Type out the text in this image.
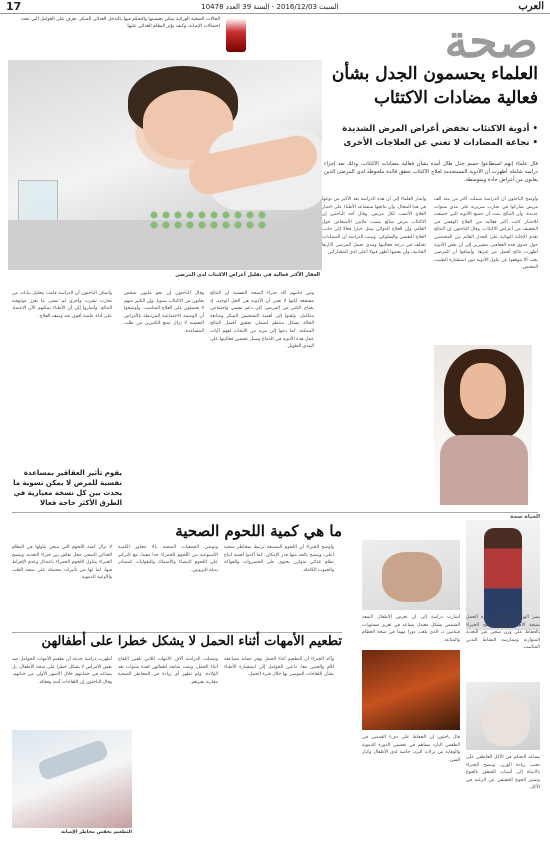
17	السبت 2016/12/03 - السنة 39 العدد 10478	العرب
الحالات الصحية الوراثية يمكن تحسينها والتحكم فيها بالتدخل الغذائي المبكر. تعرف على العوامل التي تحدد احتمالات الإصابة، وكيف يؤثر النظام الغذائي عليها.	صحة
العقار الأكثر فعالية في تقليل أعراض الاكتئاب لدى المرضى
العلماء يحسمون الجدل بشأن فعالية مضادات الاكتئاب
• أدوية الاكتئاب تخفض أعراض المرض الشديدة
• نجاعة المضادات لا تغني عن العلاجات الأخرى
قال علماء إنهم استطاعوا حسم جدل طال أمده بشأن فعالية مضادات الاكتئاب، وذلك بعد إجراء دراسة شاملة أظهرت أن الأدوية المستخدمة لعلاج الاكتئاب تحقق فائدة ملحوظة لدى المرضى الذين يعانون من أعراض حادة ومتوسطة.
وأوضح الباحثون أن الدراسة شملت أكثر من مئة ألف مريض شاركوا في تجارب سريرية على مدى سنوات عديدة، وأن النتائج بينت أن جميع الأدوية التي خضعت للاختبار كانت أكثر فعالية من العلاج الوهمي في التخفيف من أعراض الاكتئاب. وقال الباحثون إن النتائج تقدم الإجابة النهائية على الجدل القائم بين المختصين حول جدوى هذه العقاقير، مشيرين إلى أن بعض الأدوية أظهرت نتائج أفضل من غيرها. وأضافوا أن المرضى يجب ألا يتوقفوا عن تناول الأدوية دون استشارة الطبيب المختص.
وأشار العلماء إلى أن هذه الدراسة تعد الأكبر من نوعها في هذا المجال، وأن نتائجها ستساعد الأطباء على اختيار العلاج الأنسب لكل مريض. وقال أحد الباحثين إن الاكتئاب مرض شائع يصيب ملايين الأشخاص حول العالم، وإن العلاج الدوائي يمثل خيارا فعالا إلى جانب العلاج النفسي والسلوكي. وبينت الدراسة أن المضادات تختلف في درجة فعاليتها ومدى تحمل المرضى لآثارها الجانبية، وأن بعضها أظهر قبولا أعلى لدى المشاركين.
ومن جانبهم أكد خبراء الصحة النفسية أن النتائج مشجعة لكنها لا تعني أن الأدوية هي الحل الوحيد، إذ يحتاج الكثير من المرضى إلى دعم نفسي واجتماعي متكامل. ولفتوا إلى أهمية التشخيص المبكر ومتابعة الحالة بشكل منتظم لضمان تحقيق أفضل النتائج الممكنة. كما دعوا إلى مزيد من الأبحاث لفهم آليات عمل هذه الأدوية في الدماغ وسبل تحسين فعاليتها على المدى الطويل.
وقال الباحثون إن نحو مليون شخص يعانون من الاكتئاب سنويا، وإن الكثير منهم لا يحصلون على العلاج المناسب. وأوضحوا أن الوصمة الاجتماعية المرتبطة بالأمراض النفسية لا تزال تمنع الكثيرين من طلب المساعدة.
وأضاف الباحثون أن الدراسة قامت بتحليل بيانات من تجارب نشرت وأخرى لم تنشر، ما يعزز موثوقية النتائج. وأشاروا إلى أن الأطباء يمكنهم الآن الاعتماد على أدلة علمية أقوى عند وصف العلاج.
يقوم تأثير العقاقير بمساعدة نفسية للمرض لا يمكن تسوية ما يحدث بين كل نسخة معيارية في الطرق الأكثر حاجة فعالا
الحياة صحة
ما هي كمية اللحوم الصحية
لا تزال كمية اللحوم التي ينبغي تناولها في النظام الغذائي الصحي محل نقاش بين خبراء التغذية. وينصح الخبراء بتناول اللحوم الحمراء باعتدال وعدم الإفراط فيها، لما لها من تأثيرات محتملة على صحة القلب والأوعية الدموية.
وتوصي الجمعيات الصحية بألا تتجاوز الكمية الأسبوعية من اللحوم الحمراء حدا معينا، مع التركيز على اللحوم البيضاء والأسماك والبقوليات كمصادر بديلة للبروتين.
وأوضح الخبراء أن اللحوم المصنعة ترتبط بمخاطر صحية أعلى، وينصح بالحد منها قدر الإمكان. كما أكدوا أهمية اتباع نظام غذائي متوازن يحتوي على الخضروات والفواكه والحبوب الكاملة.
تطعيم الأمهات أثناء الحمل لا يشكل خطرا على أطفالهن
أظهرت دراسة حديثة أن تطعيم الأمهات الحوامل ضد بعض الأمراض لا يشكل خطرا على صحة الأطفال، بل يساعد في حمايتهم خلال الأشهر الأولى من حياتهم. وقال الباحثون إن اللقاحات آمنة وفعالة.
وشملت الدراسة آلاف الأمهات اللاتي تلقين اللقاح أثناء الحمل، وتمت متابعة أطفالهن لعدة سنوات بعد الولادة، ولم تظهر أي زيادة في المخاطر الصحية مقارنة بغيرهم.
وأكد الخبراء أن التطعيم أثناء الحمل يوفر حماية مضاعفة للأم والجنين معا، داعين الحوامل إلى استشارة الأطباء بشأن اللقاحات الموصى بها خلال فترة الحمل.
يضر الوزن الزائد خلال فترة الحمل بصحة الأم والطفل، وينصح الخبراء بالحفاظ على وزن صحي عبر التغذية المتوازنة وممارسة النشاط البدني المناسب.
أشارت دراسة إلى أن تعرض الأطفال لأشعة الشمس بشكل معتدل يساعد في تعزيز مستويات فيتامين د، الذي يلعب دورا مهما في صحة العظام والمناعة.
قال باحثون إن الحفاظ على دفء القدمين في الطقس البارد يساهم في تحسين الدورة الدموية والوقاية من نزلات البرد، خاصة لدى الأطفال وكبار السن.
يساعد التحكم في الأكل العاطفي على تجنب زيادة الوزن، وينصح الخبراء بالانتباه إلى أسباب الشعور بالجوع وتمييز الجوع الحقيقي عن الرغبة في الأكل.
التطعيم يخفض مخاطر الإصابة
